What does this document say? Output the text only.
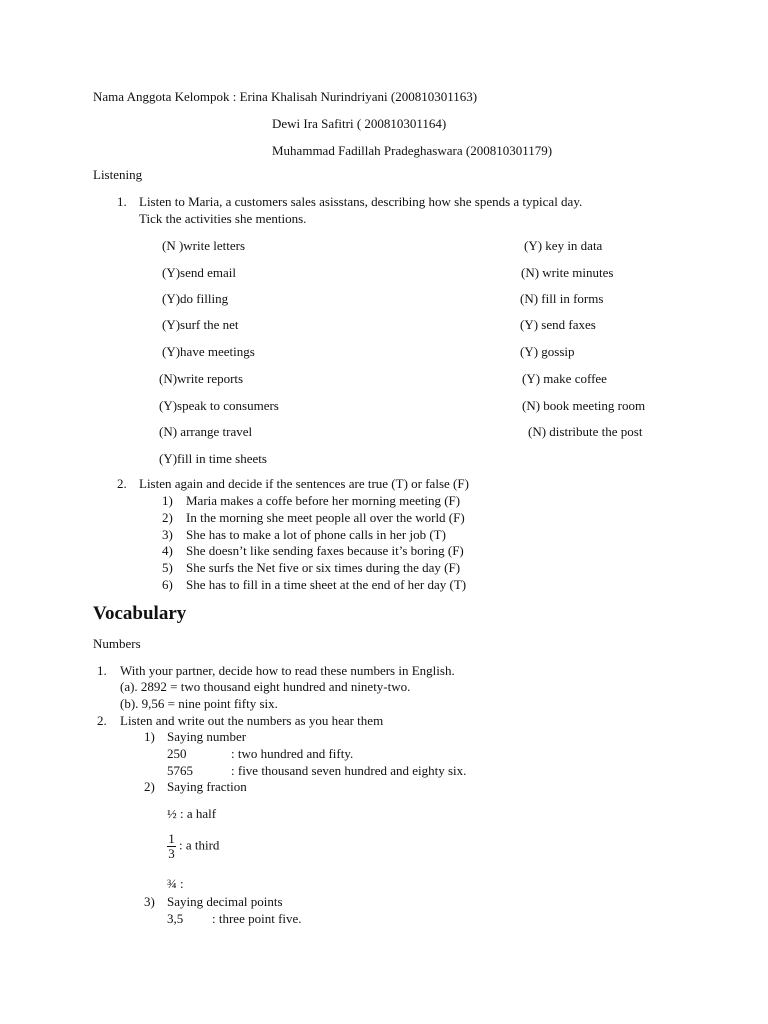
Nama Anggota Kelompok : Erina Khalisah Nurindriyani (200810301163)
Dewi Ira Safitri ( 200810301164)
Muhammad Fadillah Pradeghaswara (200810301179)
Listening
1. Listen to Maria, a customers sales asisstans, describing how she spends a typical day.
Tick the activities she mentions.
(N )write letters
(Y)send email
(Y)do filling
(Y)surf the net
(Y)have meetings
(N)write reports
(Y)speak to consumers
(N) arrange travel
(Y)fill in time sheets
(Y) key in data
(N) write minutes
(N) fill in forms
(Y) send faxes
(Y) gossip
(Y) make coffee
(N) book meeting room
(N) distribute the post
2. Listen again and decide if the sentences are true (T) or false (F)
1) Maria makes a coffe before her morning meeting (F)
2) In the morning she meet people all over the world (F)
3) She has to make a lot of phone calls in her job (T)
4) She doesn’t like sending faxes because it’s boring (F)
5) She surfs the Net five or six times during the day (F)
6) She has to fill in a time sheet at the end of her day (T)
Vocabulary
Numbers
1. With your partner, decide how to read these numbers in English.
(a). 2892 = two thousand eight hundred and ninety-two.
(b). 9,56 = nine point fifty six.
2. Listen and write out the numbers as you hear them
1) Saying number
250	: two hundred and fifty.
5765	: five thousand seven hundred and eighty six.
2) Saying fraction
½ : a half
$\frac{1}{3}$ : a third
¾ :
3) Saying decimal points
3,5 : three point five.
